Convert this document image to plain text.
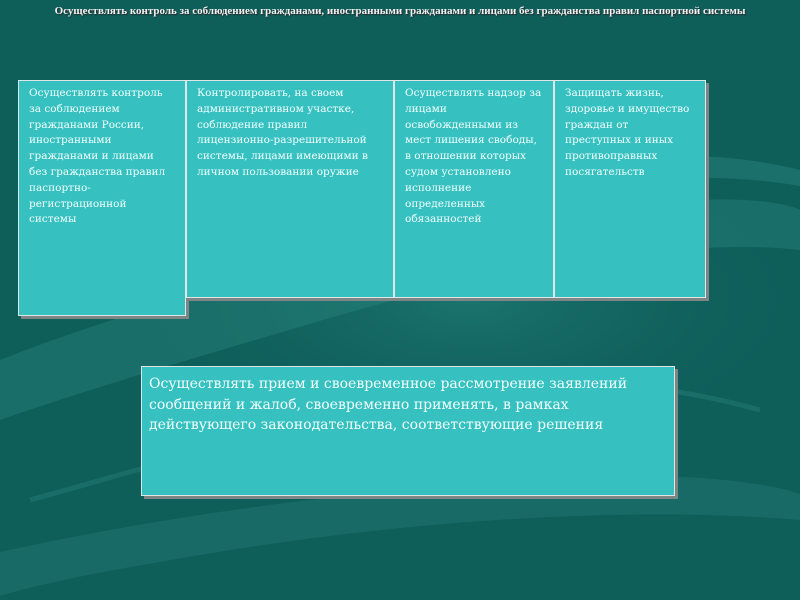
Осуществлять контроль за соблюдением гражданами, иностранными гражданами и лицами без гражданства правил паспортной системы
Осуществлять контроль за соблюдением гражданами России, иностранными гражданами и лицами без гражданства правил паспортно-регистрационной системы
Контролировать, на своем административном участке, соблюдение правил лицензионно-разрешительной системы, лицами имеющими в личном пользовании оружие
Осуществлять надзор за лицами освобожденными из мест лишения свободы, в отношении которых судом установлено исполнение определенных обязанностей
Защищать жизнь, здоровье и имущество граждан от преступных и иных противоправных посягательств
Осуществлять прием и своевременное рассмотрение заявлений сообщений и жалоб, своевременно применять, в рамках действующего законодательства, соответствующие решения
